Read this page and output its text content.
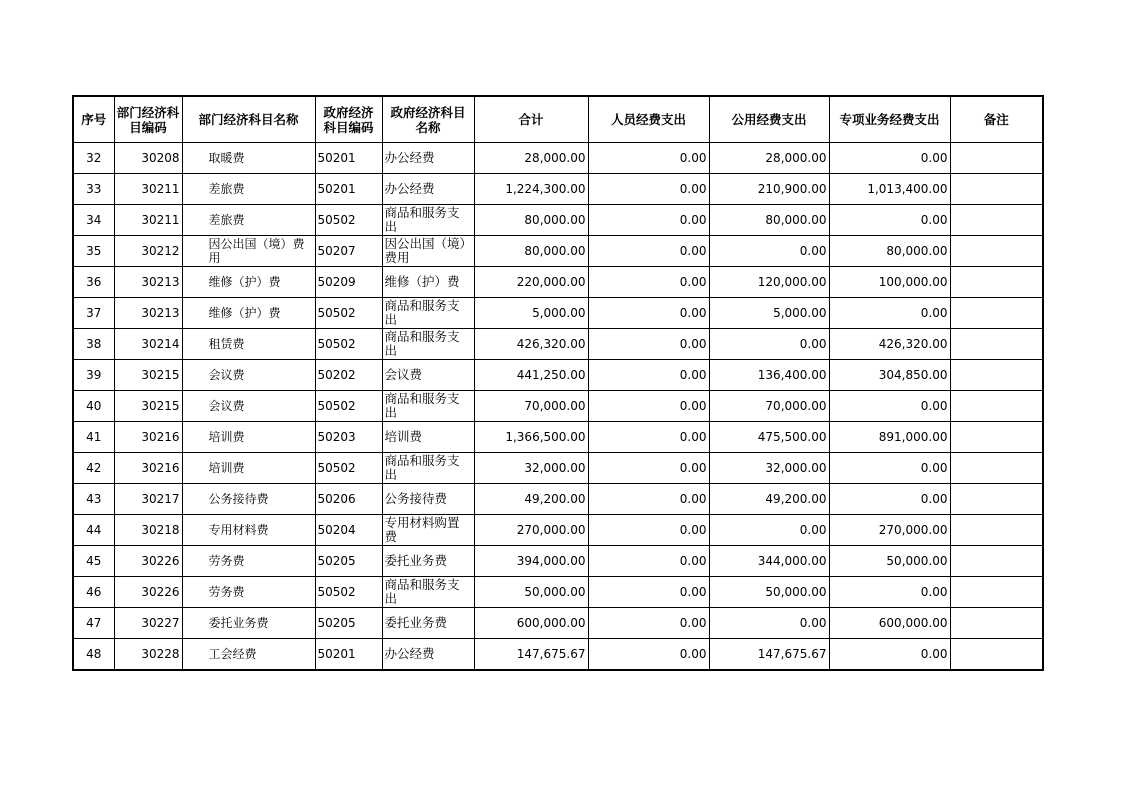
序号	部门经济科目编码	部门经济科目名称	政府经济科目编码	政府经济科目名称	合计	人员经费支出	公用经费支出	专项业务经费支出	备注

32	30208	取暖费	50201	办公经费	28,000.00	0.00	28,000.00	0.00	

33	30211	差旅费	50201	办公经费	1,224,300.00	0.00	210,900.00	1,013,400.00	

34	30211	差旅费	50502	商品和服务支出	80,000.00	0.00	80,000.00	0.00	

35	30212	因公出国（境）费用	50207	因公出国（境）费用	80,000.00	0.00	0.00	80,000.00	

36	30213	维修（护）费	50209	维修（护）费	220,000.00	0.00	120,000.00	100,000.00	

37	30213	维修（护）费	50502	商品和服务支出	5,000.00	0.00	5,000.00	0.00	

38	30214	租赁费	50502	商品和服务支出	426,320.00	0.00	0.00	426,320.00	

39	30215	会议费	50202	会议费	441,250.00	0.00	136,400.00	304,850.00	

40	30215	会议费	50502	商品和服务支出	70,000.00	0.00	70,000.00	0.00	

41	30216	培训费	50203	培训费	1,366,500.00	0.00	475,500.00	891,000.00	

42	30216	培训费	50502	商品和服务支出	32,000.00	0.00	32,000.00	0.00	

43	30217	公务接待费	50206	公务接待费	49,200.00	0.00	49,200.00	0.00	

44	30218	专用材料费	50204	专用材料购置费	270,000.00	0.00	0.00	270,000.00	

45	30226	劳务费	50205	委托业务费	394,000.00	0.00	344,000.00	50,000.00	

46	30226	劳务费	50502	商品和服务支出	50,000.00	0.00	50,000.00	0.00	

47	30227	委托业务费	50205	委托业务费	600,000.00	0.00	0.00	600,000.00	

48	30228	工会经费	50201	办公经费	147,675.67	0.00	147,675.67	0.00	
